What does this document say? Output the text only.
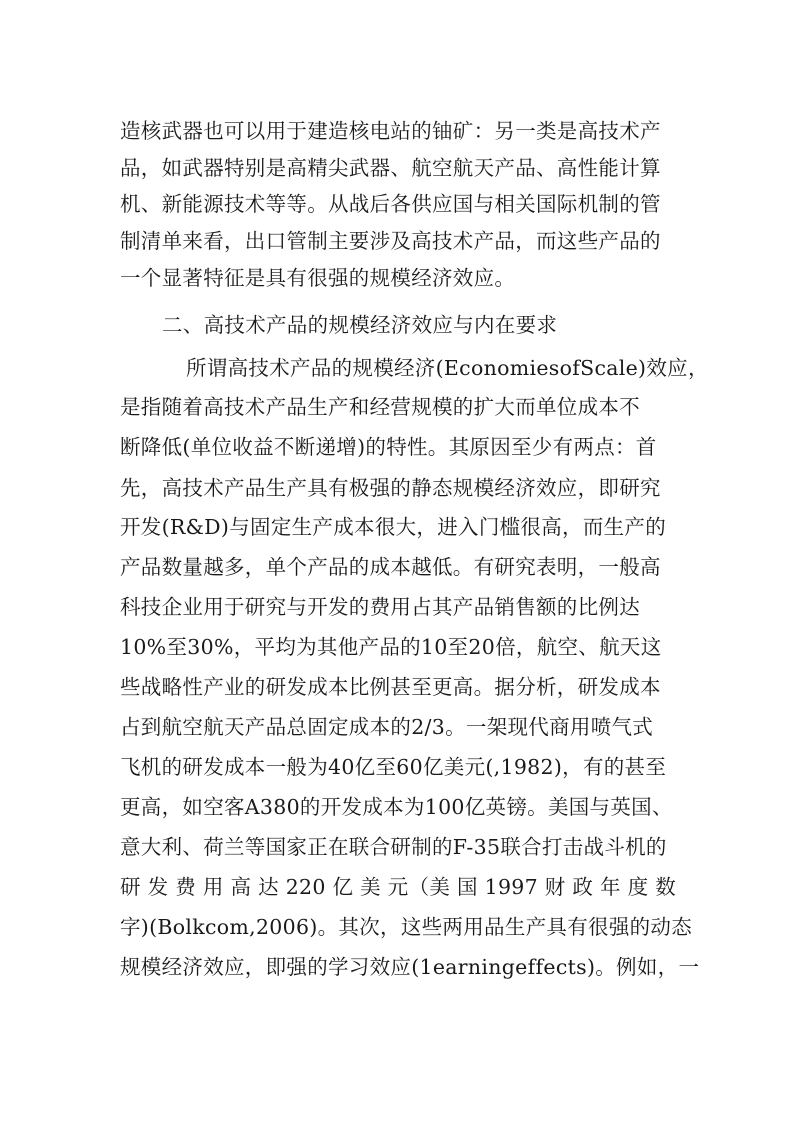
造核武器也可以用于建造核电站的铀矿：另一类是高技术产
品，如武器特别是高精尖武器、航空航天产品、高性能计算
机、新能源技术等等。从战后各供应国与相关国际机制的管
制清单来看，出口管制主要涉及高技术产品，而这些产品的
一个显著特征是具有很强的规模经济效应。
二、高技术产品的规模经济效应与内在要求
所谓高技术产品的规模经济(EconomiesofScale)效应，
是指随着高技术产品生产和经营规模的扩大而单位成本不
断降低(单位收益不断递增)的特性。其原因至少有两点：首
先，高技术产品生产具有极强的静态规模经济效应，即研究
开发(R&D)与固定生产成本很大，进入门槛很高，而生产的
产品数量越多，单个产品的成本越低。有研究表明，一般高
科技企业用于研究与开发的费用占其产品销售额的比例达
10%至30%，平均为其他产品的10至20倍，航空、航天这
些战略性产业的研发成本比例甚至更高。据分析，研发成本
占到航空航天产品总固定成本的2/3。一架现代商用喷气式
飞机的研发成本一般为40亿至60亿美元(,1982)，有的甚至
更高，如空客A380的开发成本为100亿英镑。美国与英国、
意大利、荷兰等国家正在联合研制的F-35联合打击战斗机的
研 发 费 用 高 达 220 亿 美 元（美 国 1997 财 政 年 度 数
字)(Bolkcom,2006)。其次，这些两用品生产具有很强的动态
规模经济效应，即强的学习效应(1earningeffects)。例如，一
